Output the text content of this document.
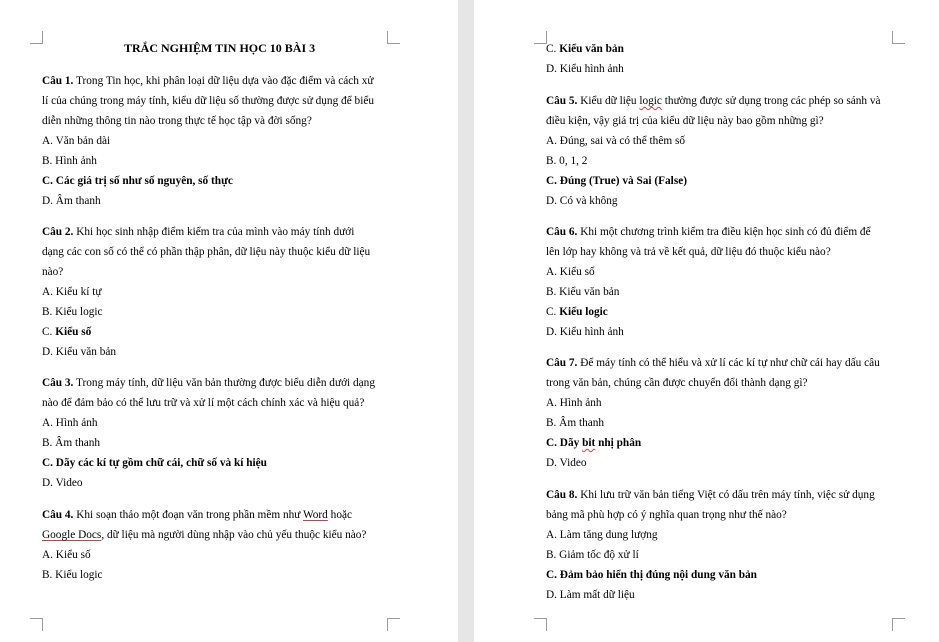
TRẮC NGHIỆM TIN HỌC 10 BÀI 3
Câu 1. Trong Tin học, khi phân loại dữ liệu dựa vào đặc điểm và cách xử
lí của chúng trong máy tính, kiểu dữ liệu số thường được sử dụng để biểu
diễn những thông tin nào trong thực tế học tập và đời sống?
A. Văn bản dài
B. Hình ảnh
C. Các giá trị số như số nguyên, số thực
D. Âm thanh
Câu 2. Khi học sinh nhập điểm kiểm tra của mình vào máy tính dưới
dạng các con số có thể có phần thập phân, dữ liệu này thuộc kiểu dữ liệu
nào?
A. Kiểu kí tự
B. Kiểu logic
C. Kiểu số
D. Kiểu văn bản
Câu 3. Trong máy tính, dữ liệu văn bản thường được biểu diễn dưới dạng
nào để đảm bảo có thể lưu trữ và xử lí một cách chính xác và hiệu quả?
A. Hình ảnh
B. Âm thanh
C. Dãy các kí tự gồm chữ cái, chữ số và kí hiệu
D. Video
Câu 4. Khi soạn thảo một đoạn văn trong phần mềm như Word hoặc
Google Docs, dữ liệu mà người dùng nhập vào chủ yếu thuộc kiểu nào?
A. Kiểu số
B. Kiểu logic
C. Kiểu văn bản
D. Kiểu hình ảnh
Câu 5. Kiểu dữ liệu logic thường được sử dụng trong các phép so sánh và
điều kiện, vậy giá trị của kiểu dữ liệu này bao gồm những gì?
A. Đúng, sai và có thể thêm số
B. 0, 1, 2
C. Đúng (True) và Sai (False)
D. Có và không
Câu 6. Khi một chương trình kiểm tra điều kiện học sinh có đủ điểm để
lên lớp hay không và trả về kết quả, dữ liệu đó thuộc kiểu nào?
A. Kiểu số
B. Kiểu văn bản
C. Kiểu logic
D. Kiểu hình ảnh
Câu 7. Để máy tính có thể hiểu và xử lí các kí tự như chữ cái hay dấu câu
trong văn bản, chúng cần được chuyển đổi thành dạng gì?
A. Hình ảnh
B. Âm thanh
C. Dãy bit nhị phân
D. Video
Câu 8. Khi lưu trữ văn bản tiếng Việt có dấu trên máy tính, việc sử dụng
bảng mã phù hợp có ý nghĩa quan trọng như thế nào?
A. Làm tăng dung lượng
B. Giảm tốc độ xử lí
C. Đảm bảo hiển thị đúng nội dung văn bản
D. Làm mất dữ liệu
